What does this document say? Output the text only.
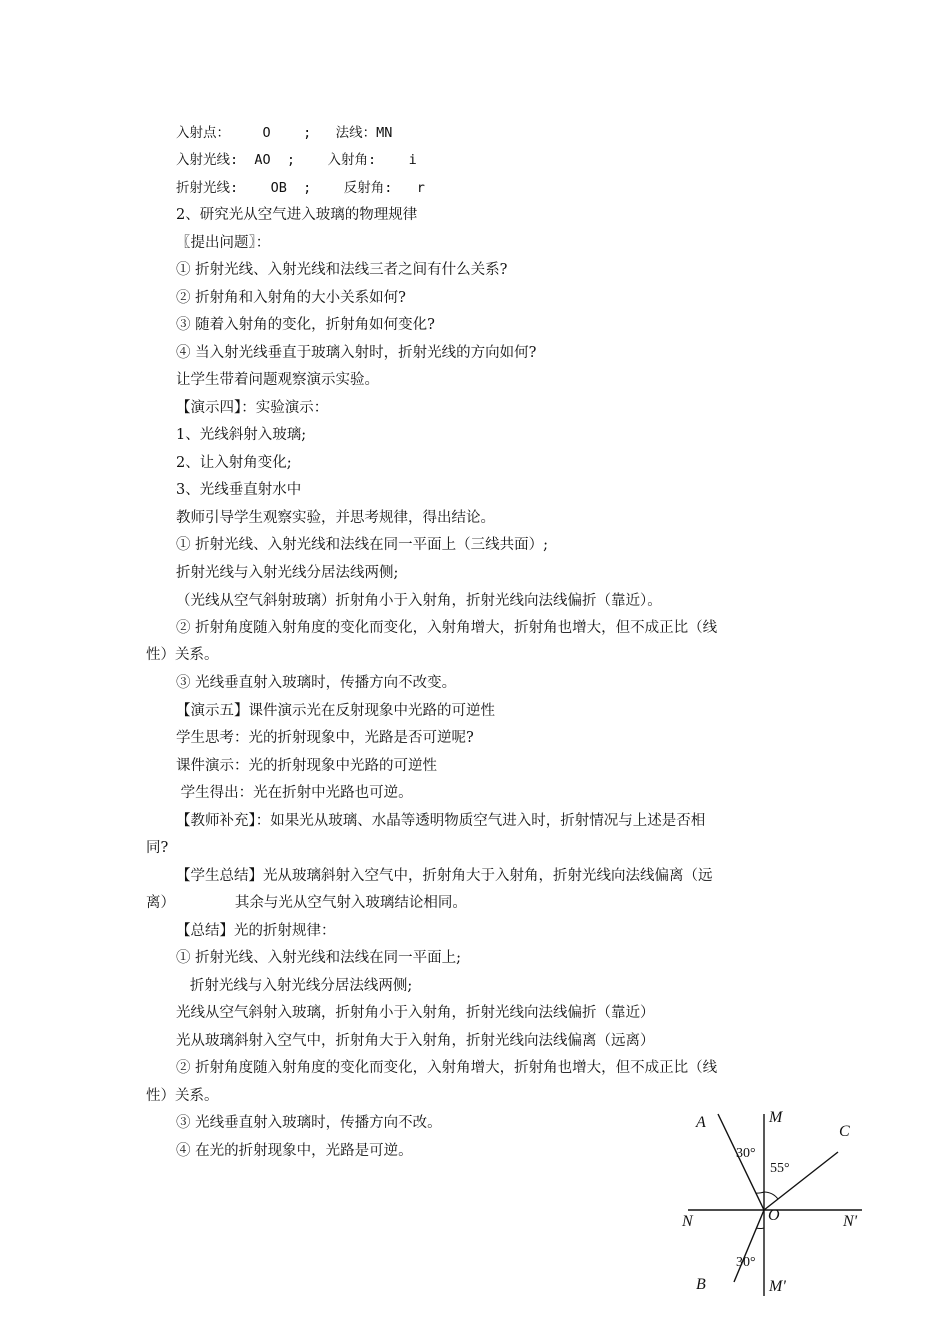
入射点：    O    ;   法线：MN
入射光线:  AO  ;    入射角:    i
折射光线:    OB  ;    反射角:   r
2、研究光从空气进入玻璃的物理规律
〖提出问题〗：
① 折射光线、入射光线和法线三者之间有什么关系?
② 折射角和入射角的大小关系如何?
③ 随着入射角的变化，折射角如何变化?
④ 当入射光线垂直于玻璃入射时，折射光线的方向如何?
让学生带着问题观察演示实验。
【演示四】：实验演示：
1、光线斜射入玻璃;
2、让入射角变化;
3、光线垂直射水中
教师引导学生观察实验，并思考规律，得出结论。
① 折射光线、入射光线和法线在同一平面上（三线共面）;
折射光线与入射光线分居法线两侧;
（光线从空气斜射玻璃）折射角小于入射角，折射光线向法线偏折（靠近）。
② 折射角度随入射角度的变化而变化，入射角增大，折射角也增大，但不成正比（线
性）关系。
③ 光线垂直射入玻璃时，传播方向不改变。
【演示五】课件演示光在反射现象中光路的可逆性
学生思考：光的折射现象中，光路是否可逆呢?
课件演示：光的折射现象中光路的可逆性
学生得出：光在折射中光路也可逆。
【教师补充】：如果光从玻璃、水晶等透明物质空气进入时，折射情况与上述是否相
同?
【学生总结】光从玻璃斜射入空气中，折射角大于入射角，折射光线向法线偏离（远
离）             其余与光从空气射入玻璃结论相同。
【总结】光的折射规律：
① 折射光线、入射光线和法线在同一平面上;
折射光线与入射光线分居法线两侧;
光线从空气斜射入玻璃，折射角小于入射角，折射光线向法线偏折（靠近）
光从玻璃斜射入空气中，折射角大于入射角，折射光线向法线偏离（远离）
② 折射角度随入射角度的变化而变化，入射角增大，折射角也增大，但不成正比（线
性）关系。
③ 光线垂直射入玻璃时，传播方向不改。
④ 在光的折射现象中，光路是可逆。
A	M
C
30°
55°
N	O	N'
30°
B	M'
